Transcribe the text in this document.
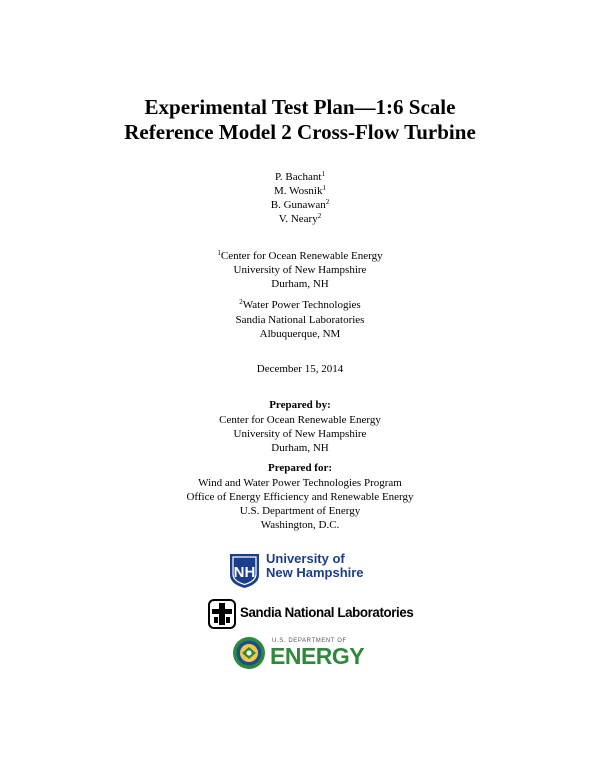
Experimental Test Plan—1:6 Scale
Reference Model 2 Cross-Flow Turbine
P. Bachant$^1$
M. Wosnik$^1$
B. Gunawan$^2$
V. Neary$^2$
$^1$Center for Ocean Renewable Energy
University of New Hampshire
Durham, NH
$^2$Water Power Technologies
Sandia National Laboratories
Albuquerque, NM
December 15, 2014
Prepared by:
Center for Ocean Renewable Energy
University of New Hampshire
Durham, NH
Prepared for:
Wind and Water Power Technologies Program
Office of Energy Efficiency and Renewable Energy
U.S. Department of Energy
Washington, D.C.
NH
University of
New Hampshire
Sandia National Laboratories
U.S. DEPARTMENT OF
ENERGY
